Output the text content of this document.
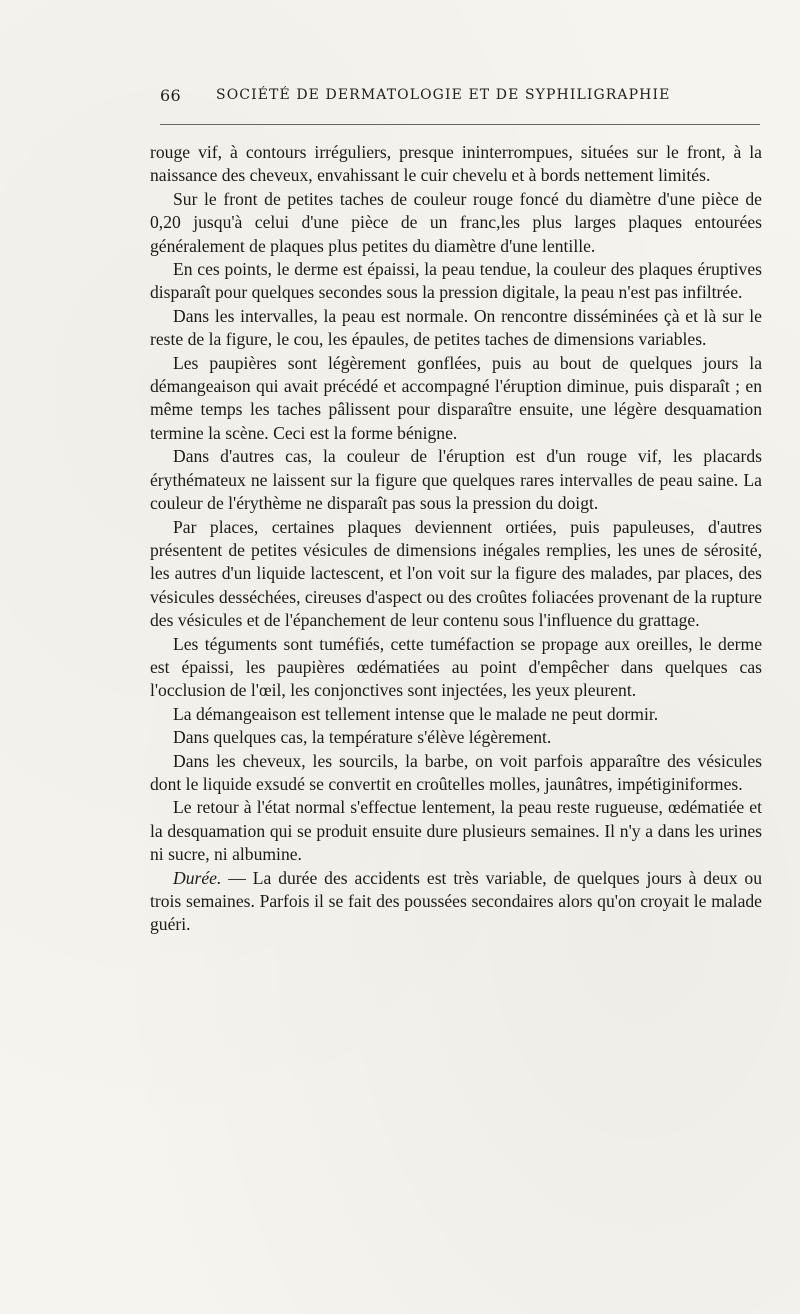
66	SOCIÉTÉ DE DERMATOLOGIE ET DE SYPHILIGRAPHIE

rouge vif, à contours irréguliers, presque ininterrompues, situées sur le front, à la naissance des cheveux, envahissant le cuir chevelu et à bords nettement limités.

Sur le front de petites taches de couleur rouge foncé du diamètre d'une pièce de 0,20 jusqu'à celui d'une pièce de un franc,les plus larges plaques entourées généralement de plaques plus petites du diamètre d'une lentille.

En ces points, le derme est épaissi, la peau tendue, la couleur des plaques éruptives disparaît pour quelques secondes sous la pression digitale, la peau n'est pas infiltrée.

Dans les intervalles, la peau est normale. On rencontre disséminées çà et là sur le reste de la figure, le cou, les épaules, de petites taches de dimensions variables.

Les paupières sont légèrement gonflées, puis au bout de quelques jours la démangeaison qui avait précédé et accompagné l'éruption diminue, puis disparaît ; en même temps les taches pâlissent pour disparaître ensuite, une légère desquamation termine la scène. Ceci est la forme bénigne.

Dans d'autres cas, la couleur de l'éruption est d'un rouge vif, les placards érythémateux ne laissent sur la figure que quelques rares intervalles de peau saine. La couleur de l'érythème ne disparaît pas sous la pression du doigt.

Par places, certaines plaques deviennent ortiées, puis papuleuses, d'autres présentent de petites vésicules de dimensions inégales remplies, les unes de sérosité, les autres d'un liquide lactescent, et l'on voit sur la figure des malades, par places, des vésicules desséchées, cireuses d'aspect ou des croûtes foliacées provenant de la rupture des vésicules et de l'épanchement de leur contenu sous l'influence du grattage.

Les téguments sont tuméfiés, cette tuméfaction se propage aux oreilles, le derme est épaissi, les paupières œdématiées au point d'empêcher dans quelques cas l'occlusion de l'œil, les conjonctives sont injectées, les yeux pleurent.

La démangeaison est tellement intense que le malade ne peut dormir.

Dans quelques cas, la température s'élève légèrement.

Dans les cheveux, les sourcils, la barbe, on voit parfois apparaître des vésicules dont le liquide exsudé se convertit en croûtelles molles, jaunâtres, impétiginiformes.

Le retour à l'état normal s'effectue lentement, la peau reste rugueuse, œdématiée et la desquamation qui se produit ensuite dure plusieurs semaines. Il n'y a dans les urines ni sucre, ni albumine.

Durée. — La durée des accidents est très variable, de quelques jours à deux ou trois semaines. Parfois il se fait des poussées secondaires alors qu'on croyait le malade guéri.
